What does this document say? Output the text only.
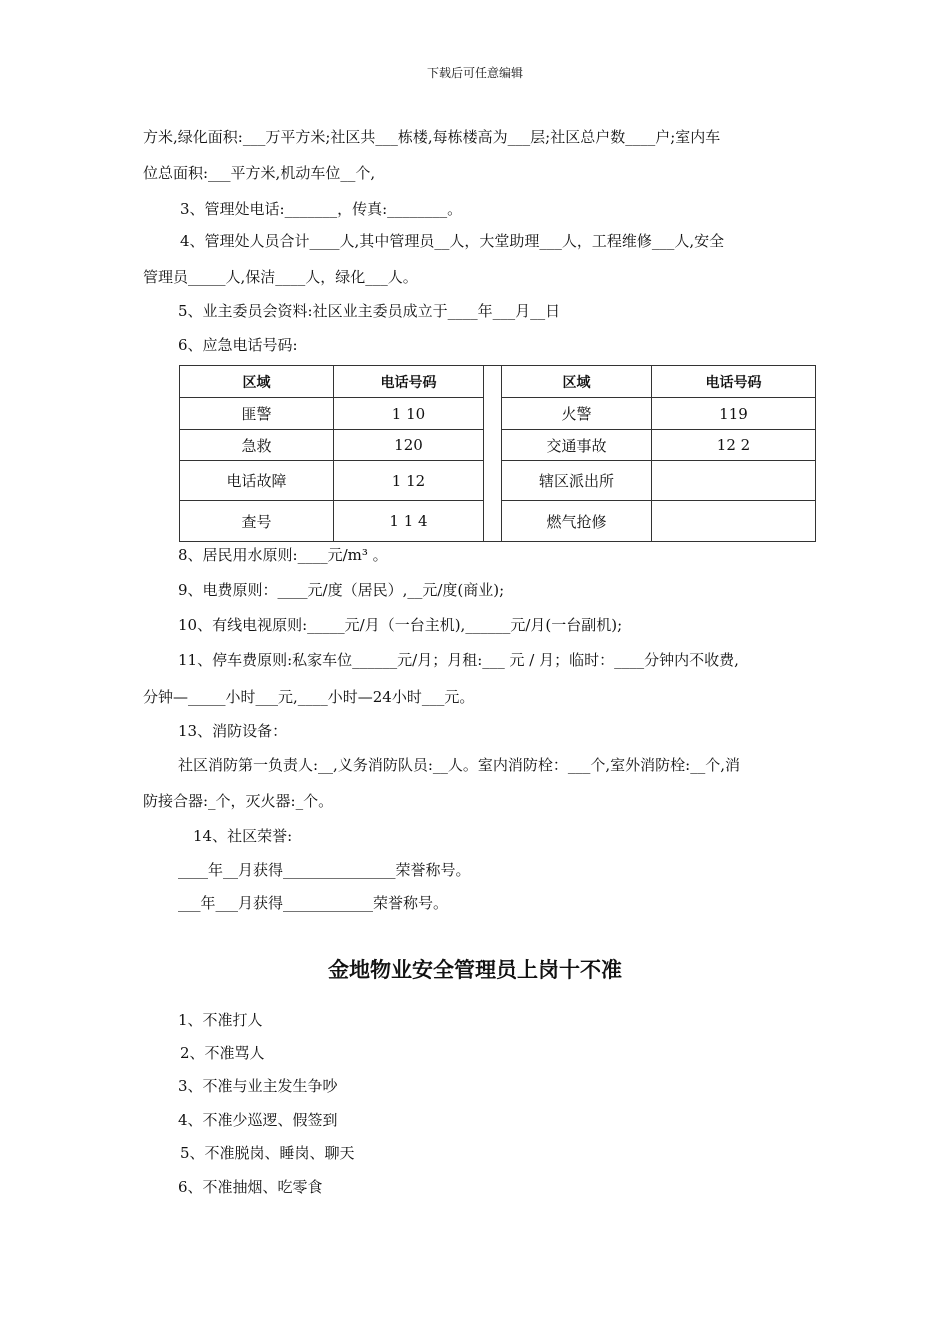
下载后可任意编辑
方米,绿化面积:___万平方米;社区共___栋楼,每栋楼高为___层;社区总户数____户;室内车
位总面积:___平方米,机动车位__个,
3、管理处电话:_______，传真:________。
4、管理处人员合计____人,其中管理员__人，大堂助理___人，工程维修___人,安全
管理员_____人,保洁____人，绿化___人。
5、业主委员会资料:社区业主委员成立于____年___月__日
6、应急电话号码:
区域	电话号码		区域	电话号码
匪警	1 10		火警	119
急救	120		交通事故	12 2
电话故障	1 12		辖区派出所	
查号	1 1 4		燃气抢修	
8、居民用水原则:____元/m³ 。
9、电费原则：____元/度（居民）,__元/度(商业);
10、有线电视原则:_____元/月（一台主机),______元/月(一台副机);
11、停车费原则:私家车位______元/月；月租:___ 元 / 月；临时：____分钟内不收费,
分钟—_____小时___元,____小时—24小时___元。
13、消防设备：
社区消防第一负责人:__,义务消防队员:__人。室内消防栓：___个,室外消防栓:__个,消
防接合器:_个，灭火器:_个。
14、社区荣誉:
____年__月获得_______________荣誉称号。
___年___月获得____________荣誉称号。
金地物业安全管理员上岗十不准
1、不准打人
2、不准骂人
3、不准与业主发生争吵
4、不准少巡逻、假签到
5、不准脱岗、睡岗、聊天
6、不准抽烟、吃零食
